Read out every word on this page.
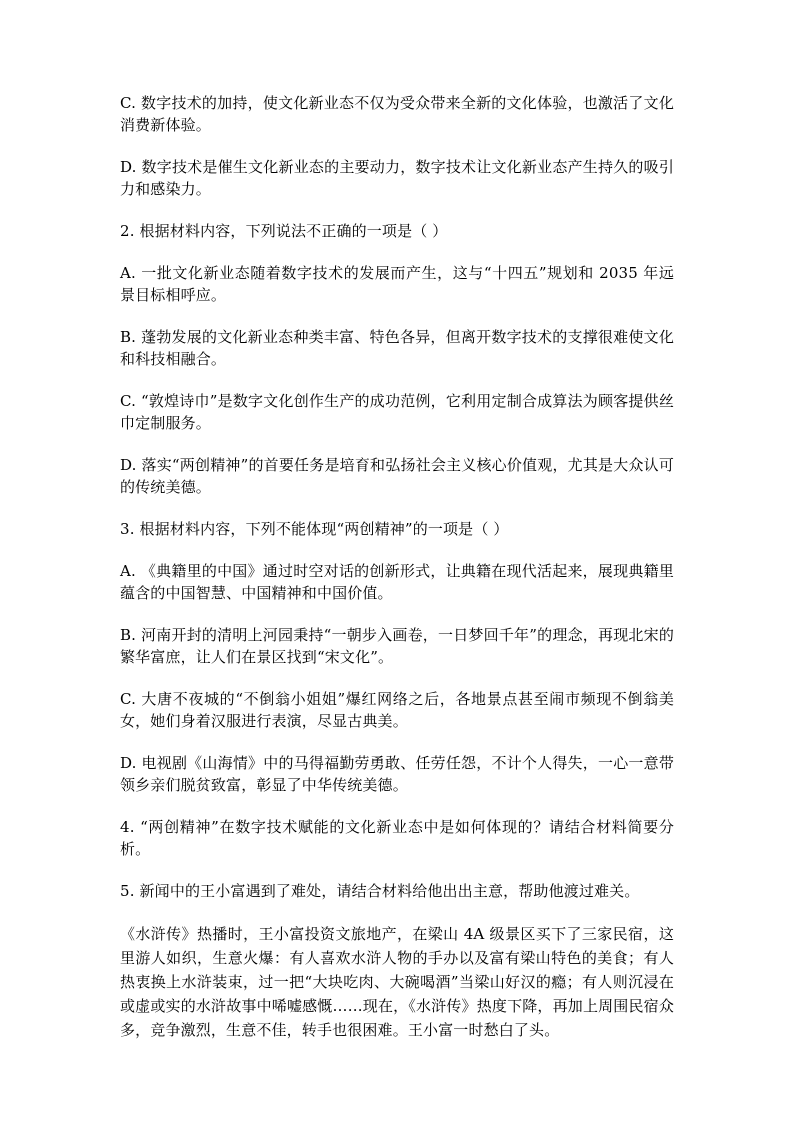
C. 数字技术的加持，使文化新业态不仅为受众带来全新的文化体验，也激活了文化消费新体验。

D. 数字技术是催生文化新业态的主要动力，数字技术让文化新业态产生持久的吸引力和感染力。

2. 根据材料内容，下列说法不正确的一项是（ ）

A. 一批文化新业态随着数字技术的发展而产生，这与“十四五”规划和 2035 年远景目标相呼应。

B. 蓬勃发展的文化新业态种类丰富、特色各异，但离开数字技术的支撑很难使文化和科技相融合。

C. “敦煌诗巾”是数字文化创作生产的成功范例，它利用定制合成算法为顾客提供丝巾定制服务。

D. 落实“两创精神”的首要任务是培育和弘扬社会主义核心价值观，尤其是大众认可的传统美德。

3. 根据材料内容，下列不能体现“两创精神”的一项是（ ）

A. 《典籍里的中国》通过时空对话的创新形式，让典籍在现代活起来，展现典籍里蕴含的中国智慧、中国精神和中国价值。

B. 河南开封的清明上河园秉持“一朝步入画卷，一日梦回千年”的理念，再现北宋的繁华富庶，让人们在景区找到“宋文化”。

C. 大唐不夜城的“不倒翁小姐姐”爆红网络之后，各地景点甚至闹市频现不倒翁美女，她们身着汉服进行表演，尽显古典美。

D. 电视剧《山海情》中的马得福勤劳勇敢、任劳任怨，不计个人得失，一心一意带领乡亲们脱贫致富，彰显了中华传统美德。

4. “两创精神”在数字技术赋能的文化新业态中是如何体现的？请结合材料简要分析。

5. 新闻中的王小富遇到了难处，请结合材料给他出出主意，帮助他渡过难关。

《水浒传》热播时，王小富投资文旅地产，在梁山 4A 级景区买下了三家民宿，这里游人如织，生意火爆：有人喜欢水浒人物的手办以及富有梁山特色的美食；有人热衷换上水浒装束，过一把“大块吃肉、大碗喝酒”当梁山好汉的瘾；有人则沉浸在或虚或实的水浒故事中唏嘘感慨……现在，《水浒传》热度下降，再加上周围民宿众多，竞争激烈，生意不佳，转手也很困难。王小富一时愁白了头。
